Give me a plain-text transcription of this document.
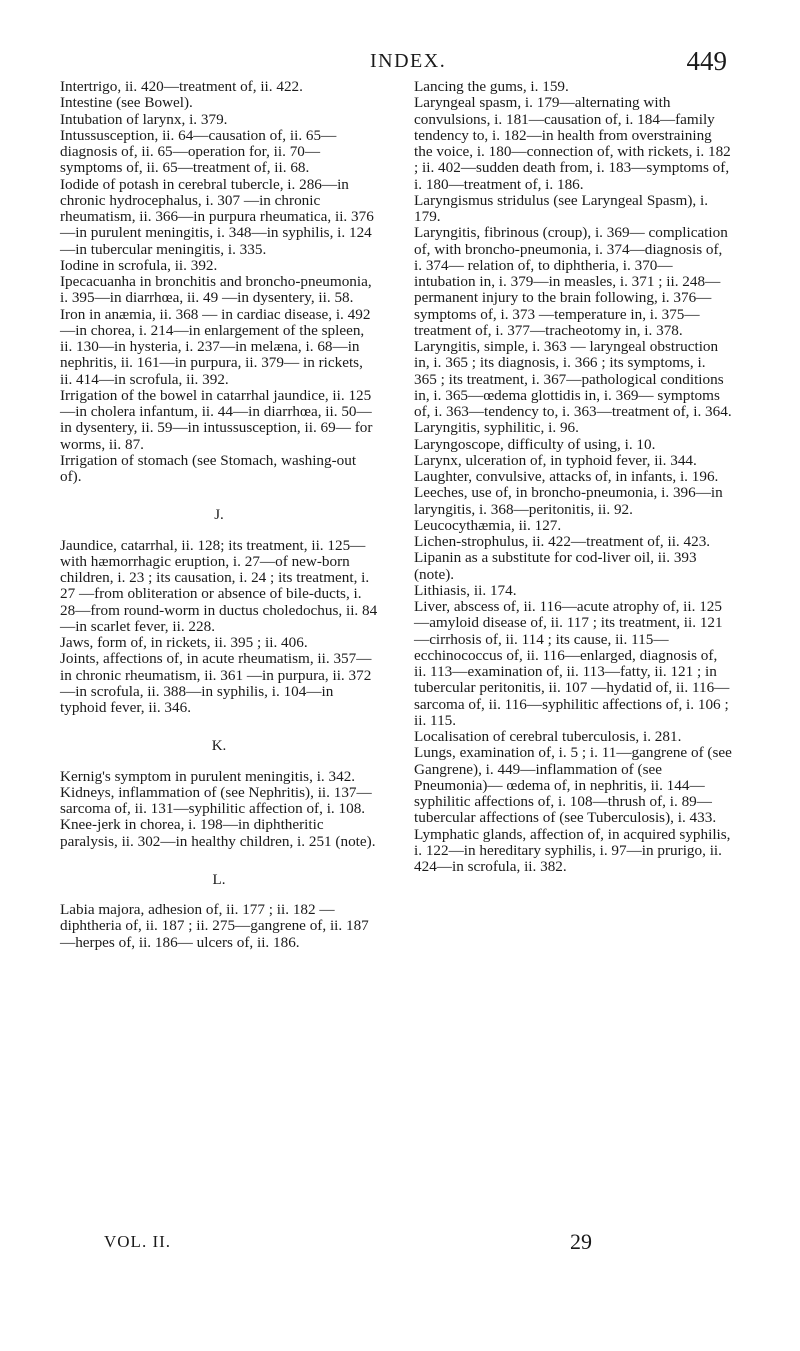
INDEX.	449

Intertrigo, ii. 420—treatment of, ii. 422.

Intestine (see Bowel).

Intubation of larynx, i. 379.

Intussusception, ii. 64—causation of, ii. 65—diagnosis of, ii. 65—operation for, ii. 70—symptoms of, ii. 65—treatment of, ii. 68.

Iodide of potash in cerebral tubercle, i. 286—in chronic hydrocephalus, i. 307 —in chronic rheumatism, ii. 366—in purpura rheumatica, ii. 376—in purulent meningitis, i. 348—in syphilis, i. 124—in tubercular meningitis, i. 335.

Iodine in scrofula, ii. 392.

Ipecacuanha in bronchitis and broncho-pneumonia, i. 395—in diarrhœa, ii. 49 —in dysentery, ii. 58.

Iron in anæmia, ii. 368 — in cardiac disease, i. 492—in chorea, i. 214—in enlargement of the spleen, ii. 130—in hysteria, i. 237—in melæna, i. 68—in nephritis, ii. 161—in purpura, ii. 379— in rickets, ii. 414—in scrofula, ii. 392.

Irrigation of the bowel in catarrhal jaundice, ii. 125—in cholera infantum, ii. 44—in diarrhœa, ii. 50—in dysentery, ii. 59—in intussusception, ii. 69— for worms, ii. 87.

Irrigation of stomach (see Stomach, washing-out of).

J.

Jaundice, catarrhal, ii. 128; its treatment, ii. 125—with hæmorrhagic eruption, i. 27—of new-born children, i. 23 ; its causation, i. 24 ; its treatment, i. 27 —from obliteration or absence of bile-ducts, i. 28—from round-worm in ductus choledochus, ii. 84—in scarlet fever, ii. 228.

Jaws, form of, in rickets, ii. 395 ; ii. 406.

Joints, affections of, in acute rheumatism, ii. 357—in chronic rheumatism, ii. 361 —in purpura, ii. 372—in scrofula, ii. 388—in syphilis, i. 104—in typhoid fever, ii. 346.

K.

Kernig's symptom in purulent meningitis, i. 342.

Kidneys, inflammation of (see Nephritis), ii. 137—sarcoma of, ii. 131—syphilitic affection of, i. 108.

Knee-jerk in chorea, i. 198—in diphtheritic paralysis, ii. 302—in healthy children, i. 251 (note).

L.

Labia majora, adhesion of, ii. 177 ; ii. 182 —diphtheria of, ii. 187 ; ii. 275—gangrene of, ii. 187—herpes of, ii. 186— ulcers of, ii. 186.

Lancing the gums, i. 159.

Laryngeal spasm, i. 179—alternating with convulsions, i. 181—causation of, i. 184—family tendency to, i. 182—in health from overstraining the voice, i. 180—connection of, with rickets, i. 182 ; ii. 402—sudden death from, i. 183—symptoms of, i. 180—treatment of, i. 186.

Laryngismus stridulus (see Laryngeal Spasm), i. 179.

Laryngitis, fibrinous (croup), i. 369— complication of, with broncho-pneumonia, i. 374—diagnosis of, i. 374— relation of, to diphtheria, i. 370—intubation in, i. 379—in measles, i. 371 ; ii. 248—permanent injury to the brain following, i. 376—symptoms of, i. 373 —temperature in, i. 375—treatment of, i. 377—tracheotomy in, i. 378.

Laryngitis, simple, i. 363 — laryngeal obstruction in, i. 365 ; its diagnosis, i. 366 ; its symptoms, i. 365 ; its treatment, i. 367—pathological conditions in, i. 365—œdema glottidis in, i. 369— symptoms of, i. 363—tendency to, i. 363—treatment of, i. 364.

Laryngitis, syphilitic, i. 96.

Laryngoscope, difficulty of using, i. 10.

Larynx, ulceration of, in typhoid fever, ii. 344.

Laughter, convulsive, attacks of, in infants, i. 196.

Leeches, use of, in broncho-pneumonia, i. 396—in laryngitis, i. 368—peritonitis, ii. 92.

Leucocythæmia, ii. 127.

Lichen-strophulus, ii. 422—treatment of, ii. 423.

Lipanin as a substitute for cod-liver oil, ii. 393 (note).

Lithiasis, ii. 174.

Liver, abscess of, ii. 116—acute atrophy of, ii. 125—amyloid disease of, ii. 117 ; its treatment, ii. 121—cirrhosis of, ii. 114 ; its cause, ii. 115— ecchinococcus of, ii. 116—enlarged, diagnosis of, ii. 113—examination of, ii. 113—fatty, ii. 121 ; in tubercular peritonitis, ii. 107 —hydatid of, ii. 116—sarcoma of, ii. 116—syphilitic affections of, i. 106 ; ii. 115.

Localisation of cerebral tuberculosis, i. 281.

Lungs, examination of, i. 5 ; i. 11—gangrene of (see Gangrene), i. 449—inflammation of (see Pneumonia)— œdema of, in nephritis, ii. 144— syphilitic affections of, i. 108—thrush of, i. 89—tubercular affections of (see Tuberculosis), i. 433.

Lymphatic glands, affection of, in acquired syphilis, i. 122—in hereditary syphilis, i. 97—in prurigo, ii. 424—in scrofula, ii. 382.

VOL. II.	29
